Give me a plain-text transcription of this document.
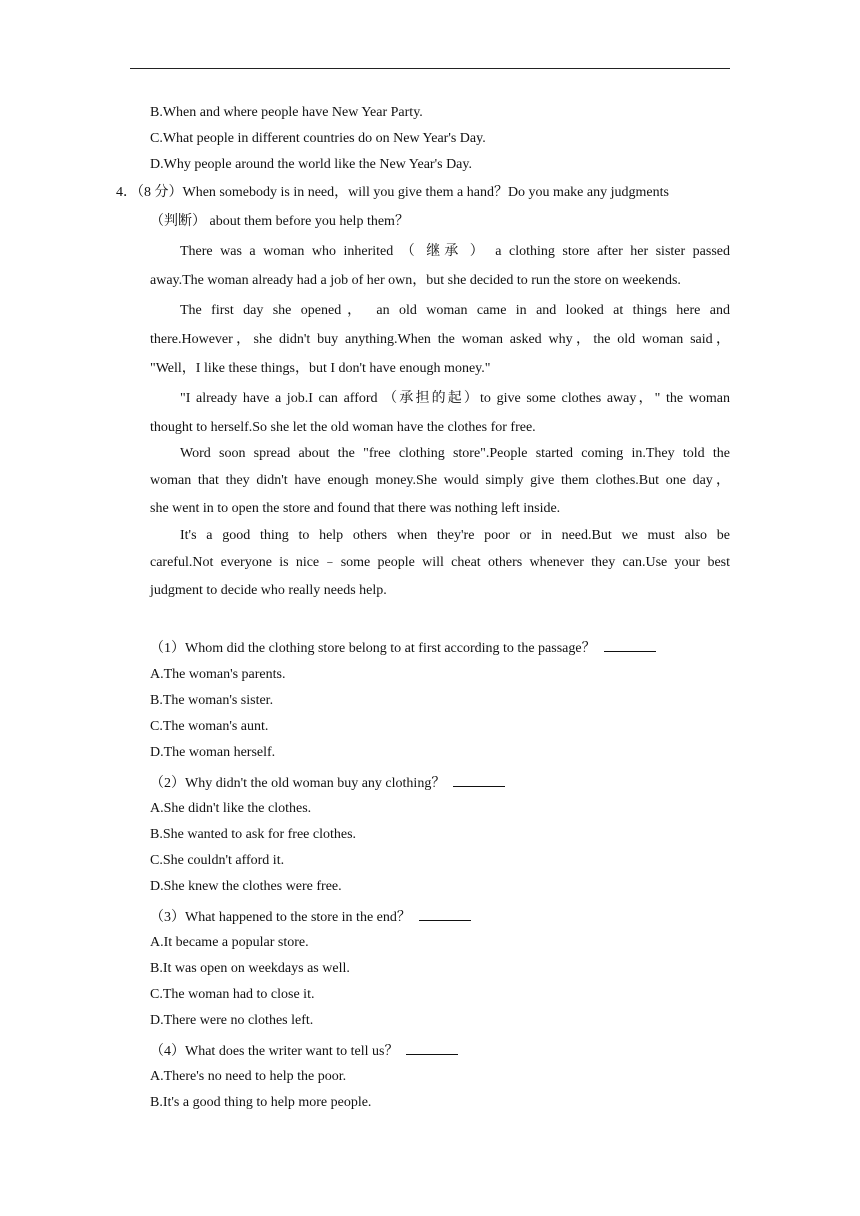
B.When and where people have New Year Party.
C.What people in different countries do on New Year's Day.
D.Why people around the world like the New Year's Day.
4．（8 分）When somebody is in need，will you give them a hand？Do you make any judgments
（判断） about them before you help them？
There was a woman who inherited （ 继承 ） a clothing store after her sister passed
away.The woman already had a job of her own，but she decided to run the store on weekends.
The first day she opened， an old woman came in and looked at things here and
there.However，she didn't buy anything.When the woman asked why，the old woman said，
"Well，I like these things，but I don't have enough money."
"I already have a job.I can afford （承担的起）to give some clothes away，" the woman
thought to herself.So she let the old woman have the clothes for free.
Word soon spread about the "free clothing store".People started coming in.They told the
woman that they didn't have enough money.She would simply give them clothes.But one day，
she went in to open the store and found that there was nothing left inside.
It's a good thing to help others when they're poor or in need.But we must also be
careful.Not everyone is nice﹣some people will cheat others whenever they can.Use your best
judgment to decide who really needs help.
（1）Whom did the clothing store belong to at first according to the passage？
A.The woman's parents.
B.The woman's sister.
C.The woman's aunt.
D.The woman herself.
（2）Why didn't the old woman buy any clothing？
A.She didn't like the clothes.
B.She wanted to ask for free clothes.
C.She couldn't afford it.
D.She knew the clothes were free.
（3）What happened to the store in the end？
A.It became a popular store.
B.It was open on weekdays as well.
C.The woman had to close it.
D.There were no clothes left.
（4）What does the writer want to tell us？
A.There's no need to help the poor.
B.It's a good thing to help more people.
